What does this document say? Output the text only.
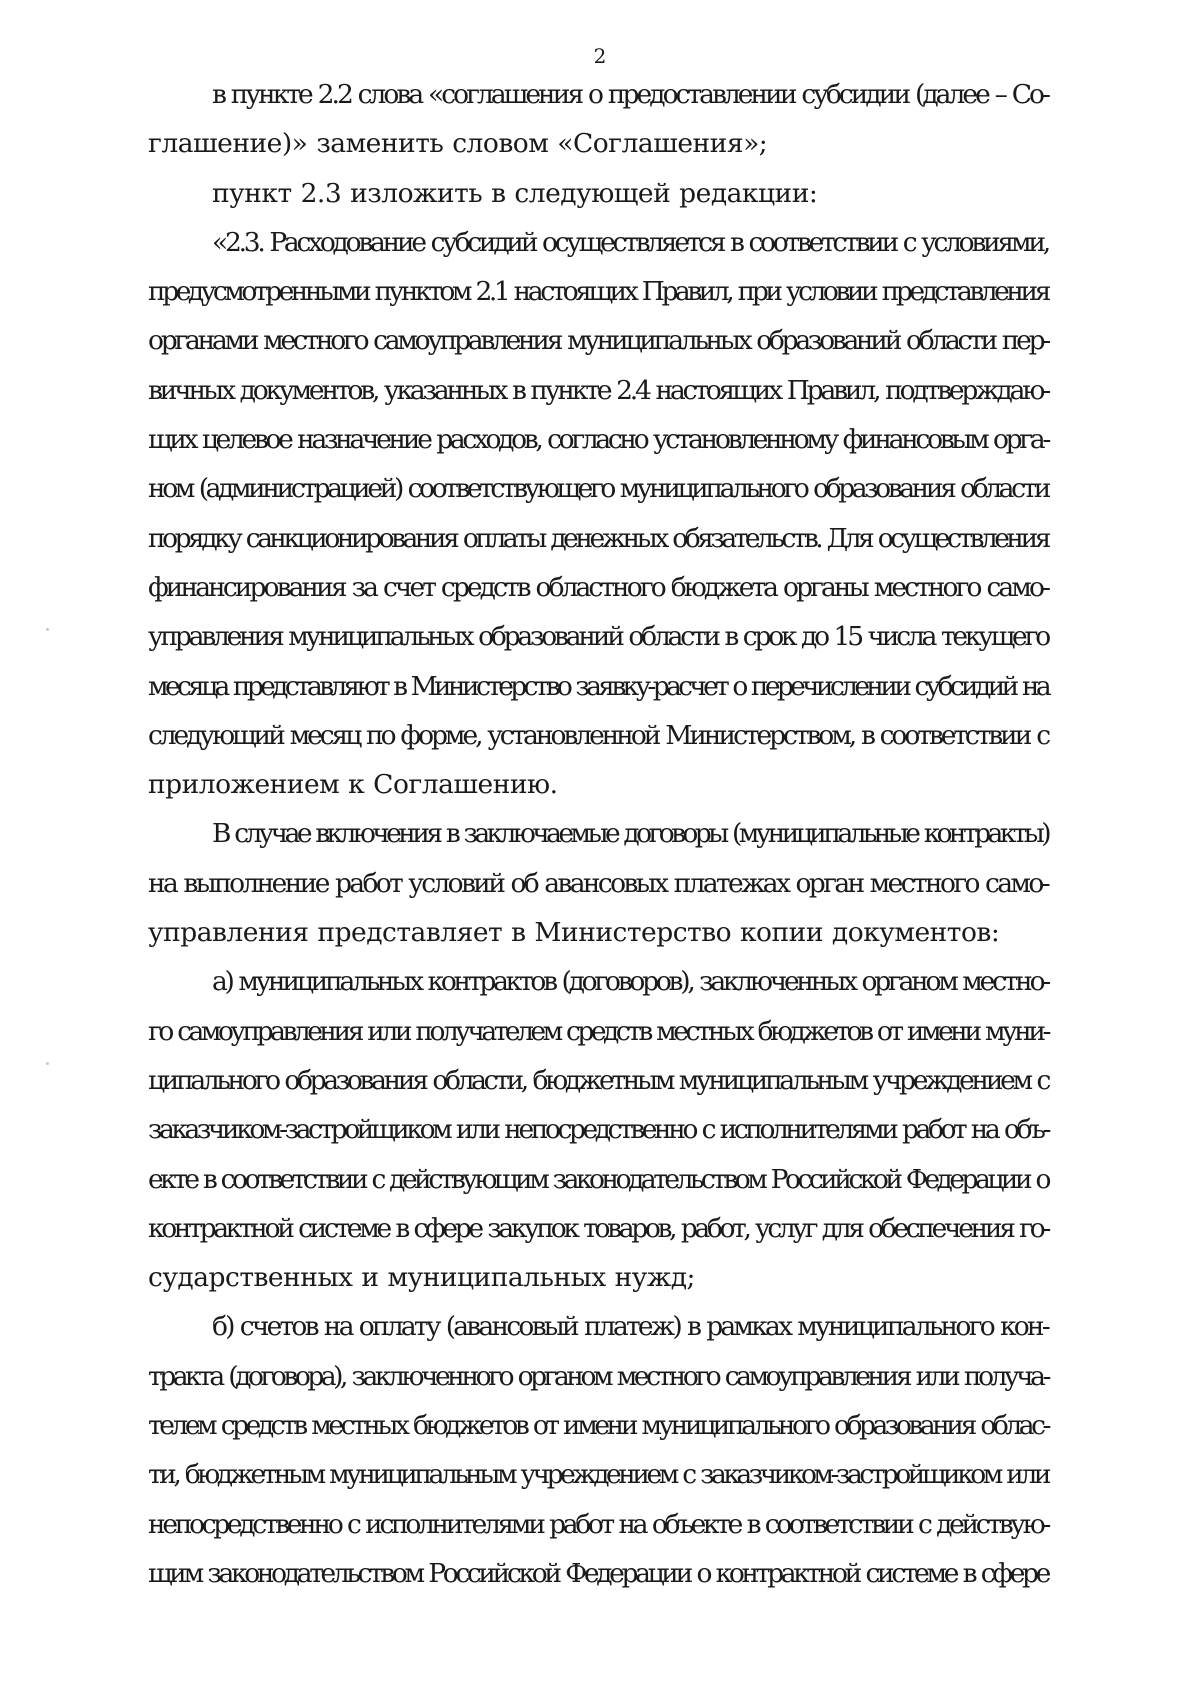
2
в пункте 2.2 слова «соглашения о предоставлении субсидии (далее – Со-
глашение)» заменить словом «Соглашения»;
пункт 2.3 изложить в следующей редакции:
«2.3. Расходование субсидий осуществляется в соответствии с условиями,
предусмотренными пунктом 2.1 настоящих Правил, при условии представления
органами местного самоуправления муниципальных образований области пер-
вичных документов, указанных в пункте 2.4 настоящих Правил, подтверждаю-
щих целевое назначение расходов, согласно установленному финансовым орга-
ном (администрацией) соответствующего муниципального образования области
порядку санкционирования оплаты денежных обязательств. Для осуществления
финансирования за счет средств областного бюджета органы местного само-
управления муниципальных образований области в срок до 15 числа текущего
месяца представляют в Министерство заявку-расчет о перечислении субсидий на
следующий месяц по форме, установленной Министерством, в соответствии с
приложением к Соглашению.
В случае включения в заключаемые договоры (муниципальные контракты)
на выполнение работ условий об авансовых платежах орган местного само-
управления представляет в Министерство копии документов:
а) муниципальных контрактов (договоров), заключенных органом местно-
го самоуправления или получателем средств местных бюджетов от имени муни-
ципального образования области, бюджетным муниципальным учреждением с
заказчиком-застройщиком или непосредственно с исполнителями работ на объ-
екте в соответствии с действующим законодательством Российской Федерации о
контрактной системе в сфере закупок товаров, работ, услуг для обеспечения го-
сударственных и муниципальных нужд;
б) счетов на оплату (авансовый платеж) в рамках муниципального кон-
тракта (договора), заключенного органом местного самоуправления или получа-
телем средств местных бюджетов от имени муниципального образования облас-
ти, бюджетным муниципальным учреждением с заказчиком-застройщиком или
непосредственно с исполнителями работ на объекте в соответствии с действую-
щим законодательством Российской Федерации о контрактной системе в сфере
